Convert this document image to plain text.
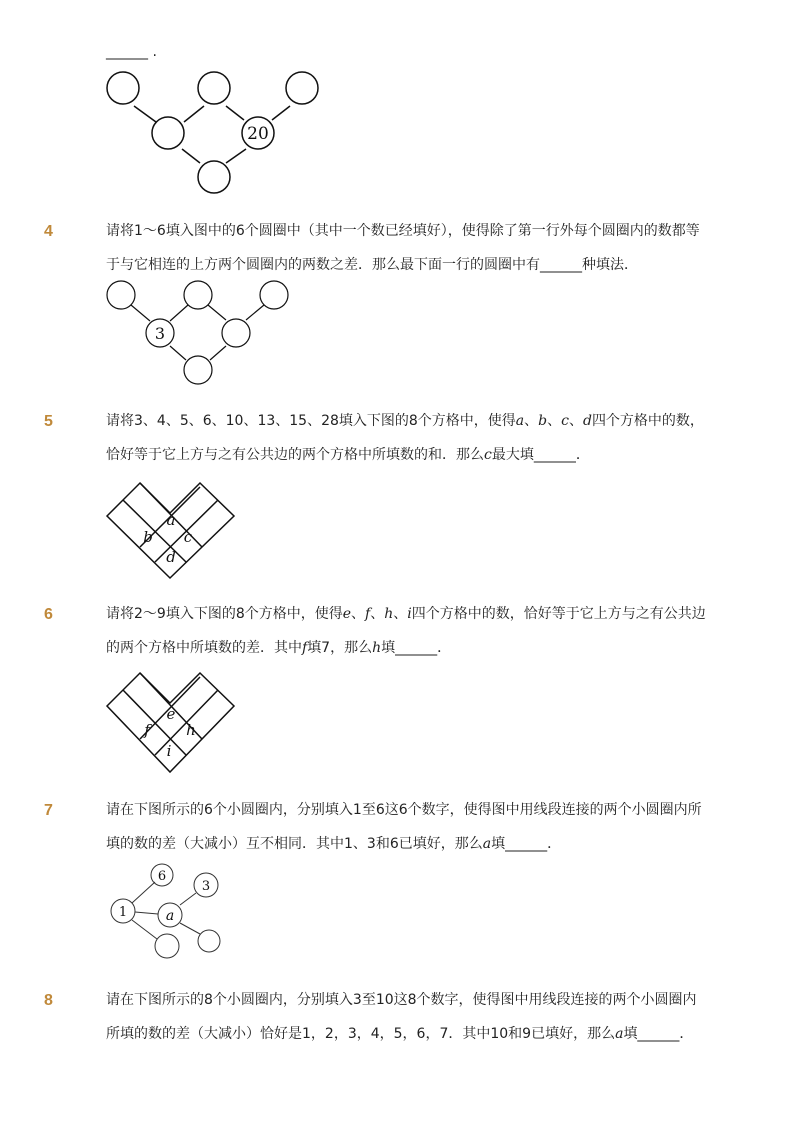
______ .
20
4	请将1～6填入图中的6个圆圈中（其中一个数已经填好），使得除了第一行外每个圆圈内的数都等
于与它相连的上方两个圆圈内的两数之差．那么最下面一行的圆圈中有______种填法．
3
5	请将3、4、5、6、10、13、15、28填入下图的8个方格中，使得a、b、c、d四个方格中的数，
恰好等于它上方与之有公共边的两个方格中所填数的和．那么c最大填______．
a
b c
d
6	请将2～9填入下图的8个方格中，使得e、f、h、i四个方格中的数，恰好等于它上方与之有公共边
的两个方格中所填数的差．其中f填7，那么h填______．
e
f h
i
7	请在下图所示的6个小圆圈内，分别填入1至6这6个数字，使得图中用线段连接的两个小圆圈内所
填的数的差（大减小）互不相同．其中1、3和6已填好，那么a填______．
1
6
3
a
8	请在下图所示的8个小圆圈内，分别填入3至10这8个数字，使得图中用线段连接的两个小圆圈内
所填的数的差（大减小）恰好是1，2，3，4，5，6，7．其中10和9已填好，那么a填______．
